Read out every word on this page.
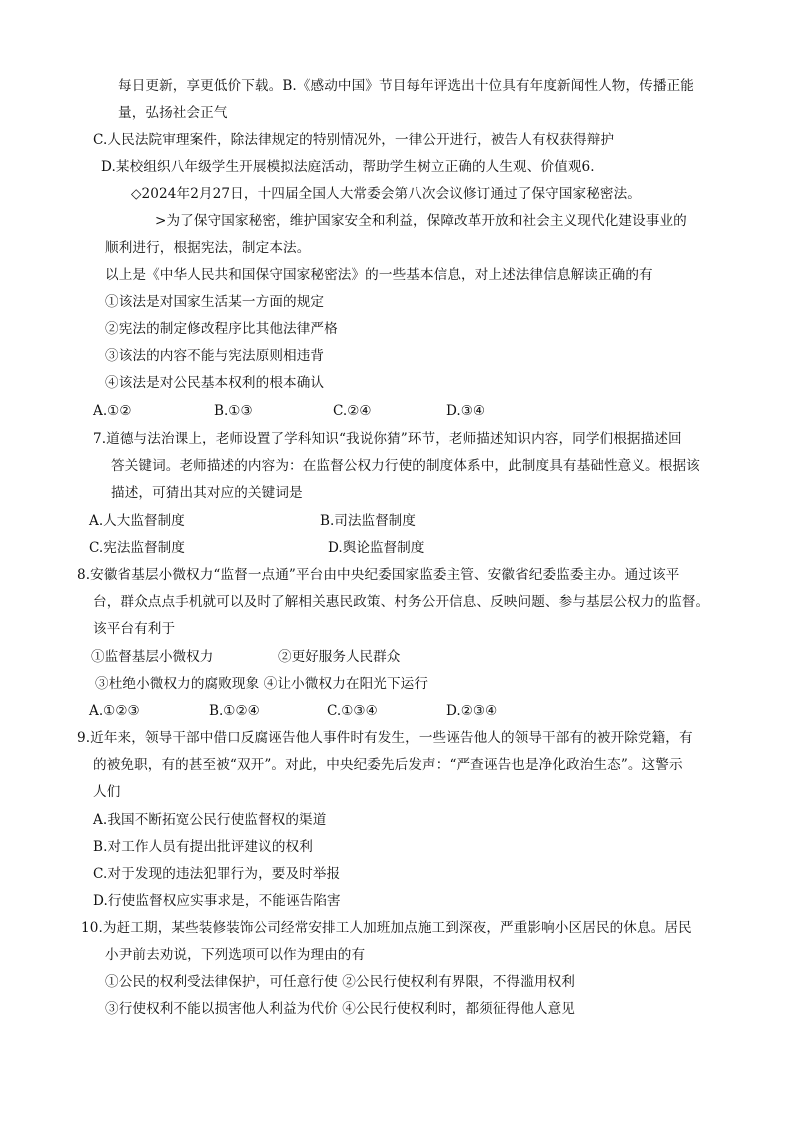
每日更新，享更低价下载。B.《感动中国》节目每年评选出十位具有年度新闻性人物，传播正能
量，弘扬社会正气
C.人民法院审理案件，除法律规定的特别情况外，一律公开进行，被告人有权获得辩护
D.某校组织八年级学生开展模拟法庭活动，帮助学生树立正确的人生观、价值观6.
◇2024年2月27日，十四届全国人大常委会第八次会议修订通过了保守国家秘密法。
>为了保守国家秘密，维护国家安全和利益，保障改革开放和社会主义现代化建设事业的
顺利进行，根据宪法，制定本法。
以上是《中华人民共和国保守国家秘密法》的一些基本信息，对上述法律信息解读正确的有
①该法是对国家生活某一方面的规定
②宪法的制定修改程序比其他法律严格
③该法的内容不能与宪法原则相违背
④该法是对公民基本权利的根本确认
A.①②	B.①③	C.②④	D.③④
7.道德与法治课上，老师设置了学科知识“我说你猜”环节，老师描述知识内容，同学们根据描述回
答关键词。老师描述的内容为：在监督公权力行使的制度体系中，此制度具有基础性意义。根据该
描述，可猜出其对应的关键词是
A.人大监督制度	B.司法监督制度
C.宪法监督制度	D.舆论监督制度
8.安徽省基层小微权力“监督一点通”平台由中央纪委国家监委主管、安徽省纪委监委主办。通过该平
台，群众点点手机就可以及时了解相关惠民政策、村务公开信息、反映问题、参与基层公权力的监督。
该平台有利于
①监督基层小微权力	②更好服务人民群众
③杜绝小微权力的腐败现象 ④让小微权力在阳光下运行
A.①②③	B.①②④	C.①③④	D.②③④
9.近年来，领导干部中借口反腐诬告他人事件时有发生，一些诬告他人的领导干部有的被开除党籍，有
的被免职，有的甚至被“双开”。对此，中央纪委先后发声：“严查诬告也是净化政治生态”。这警示
人们
A.我国不断拓宽公民行使监督权的渠道
B.对工作人员有提出批评建议的权利
C.对于发现的违法犯罪行为，要及时举报
D.行使监督权应实事求是，不能诬告陷害
10.为赶工期，某些装修装饰公司经常安排工人加班加点施工到深夜，严重影响小区居民的休息。居民
小尹前去劝说，下列选项可以作为理由的有
①公民的权利受法律保护，可任意行使 ②公民行使权利有界限，不得滥用权利
③行使权利不能以损害他人利益为代价 ④公民行使权利时，都须征得他人意见
